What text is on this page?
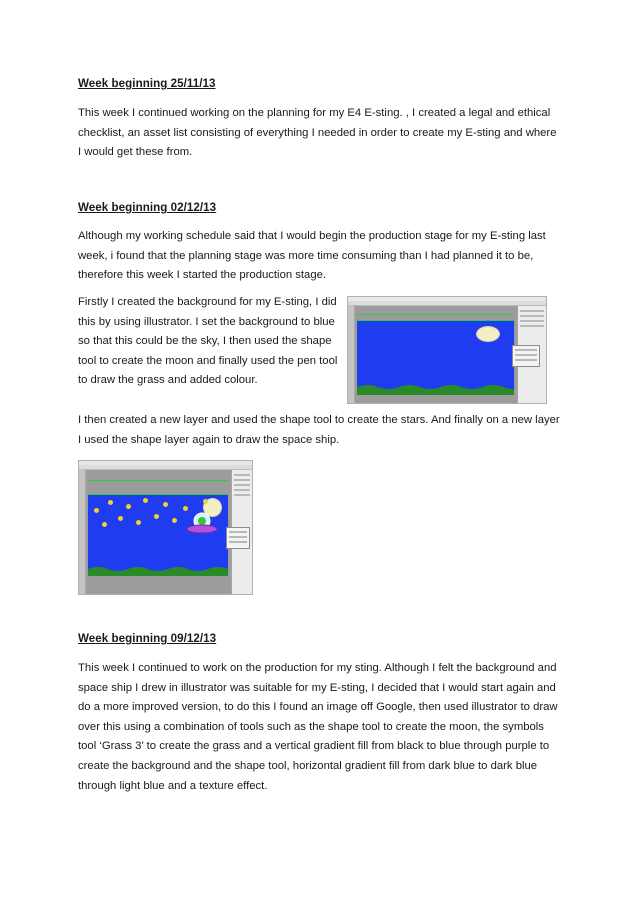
Week beginning 25/11/13

This week I continued working on the planning for my E4 E-sting. , I created a legal and ethical checklist, an asset list consisting of everything I needed in order to create my E-sting and where I would get these from.

Week beginning 02/12/13

Although my working schedule said that I would begin the production stage for my E-sting last week, i found that the planning stage was more time consuming than I had planned it to be, therefore this week I started the production stage.

Firstly I created the background for my E-sting, I did this by using illustrator. I set the background to blue so that this could be the sky, I then used the shape tool to create the moon and finally used the pen tool to draw the grass and added colour.

I then created a new layer and used the shape tool to create the stars. And finally on a new layer I used the shape layer again to draw the space ship.

Week beginning 09/12/13

This week I continued to work on the production for my sting. Although I felt the background and space ship I drew in illustrator was suitable for my E-sting, I decided that I would start again and do a more improved version, to do this I found an image off Google, then used illustrator to draw over this using a combination of tools such as the shape tool to create the moon, the symbols tool ‘Grass 3’ to create the grass and a vertical gradient fill from black to blue through purple to create the background and the shape tool, horizontal gradient fill from dark blue to dark blue through light blue and a texture effect.
